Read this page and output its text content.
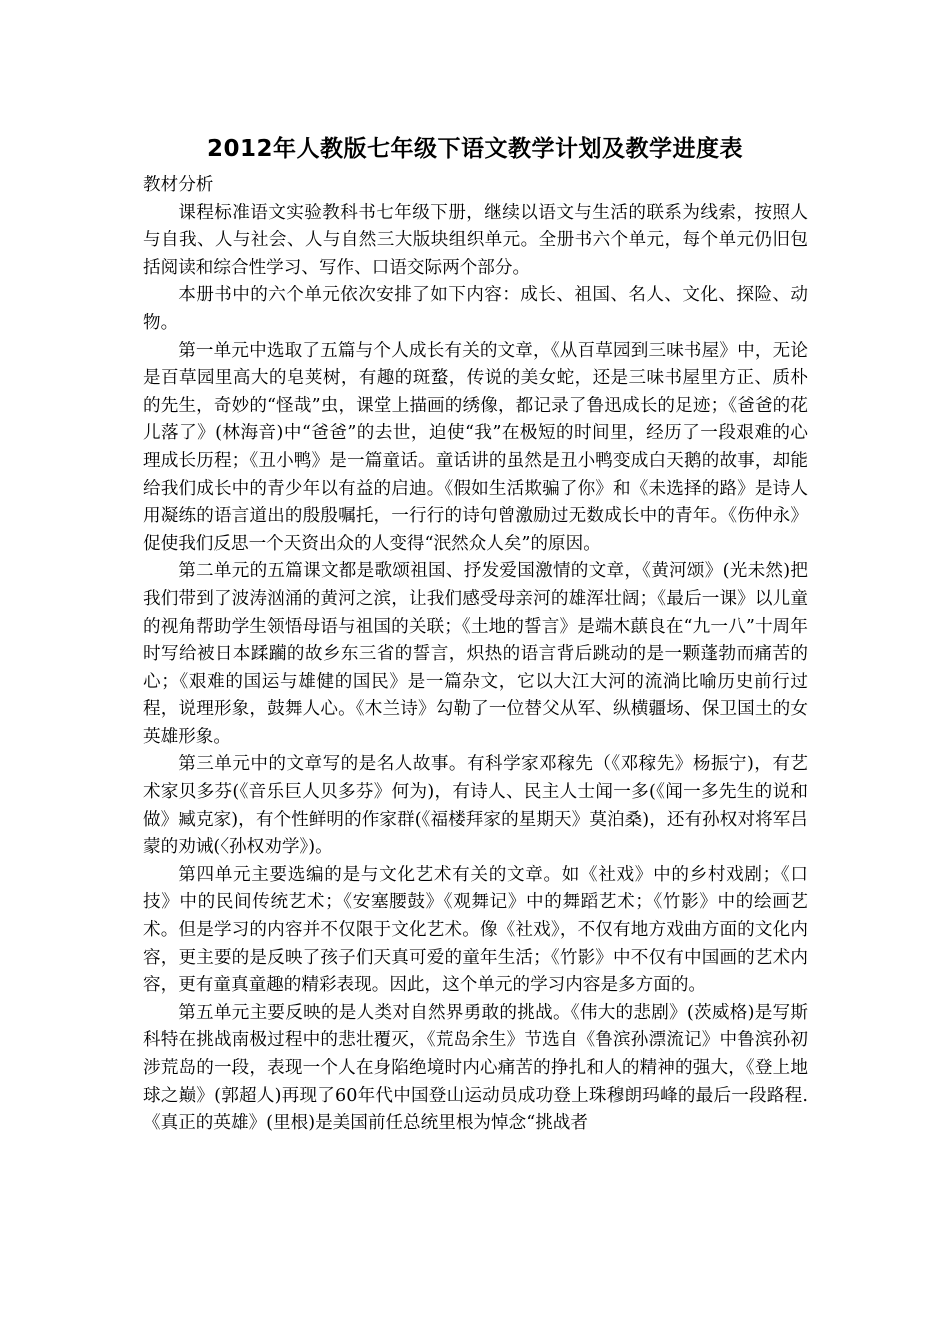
2012年人教版七年级下语文教学计划及教学进度表

教材分析

课程标准语文实验教科书七年级下册，继续以语文与生活的联系为线索，按照人与自我、人与社会、人与自然三大版块组织单元。全册书六个单元，每个单元仍旧包括阅读和综合性学习、写作、口语交际两个部分。

本册书中的六个单元依次安排了如下内容：成长、祖国、名人、文化、探险、动物。

第一单元中选取了五篇与个人成长有关的文章，《从百草园到三味书屋》中，无论是百草园里高大的皂荚树，有趣的斑蝥，传说的美女蛇，还是三味书屋里方正、质朴的先生，奇妙的“怪哉”虫，课堂上描画的绣像，都记录了鲁迅成长的足迹；《爸爸的花儿落了》(林海音)中“爸爸”的去世，迫使“我”在极短的时间里，经历了一段艰难的心理成长历程；《丑小鸭》是一篇童话。童话讲的虽然是丑小鸭变成白天鹅的故事，却能给我们成长中的青少年以有益的启迪。《假如生活欺骗了你》和《未选择的路》是诗人用凝练的语言道出的殷殷嘱托，一行行的诗句曾激励过无数成长中的青年。《伤仲永》促使我们反思一个天资出众的人变得“泯然众人矣”的原因。

第二单元的五篇课文都是歌颂祖国、抒发爱国激情的文章，《黄河颂》(光未然)把我们带到了波涛汹涌的黄河之滨，让我们感受母亲河的雄浑壮阔；《最后一课》以儿童的视角帮助学生领悟母语与祖国的关联；《土地的誓言》是端木蕻良在“九一八”十周年时写给被日本蹂躏的故乡东三省的誓言，炽热的语言背后跳动的是一颗蓬勃而痛苦的心；《艰难的国运与雄健的国民》是一篇杂文，它以大江大河的流淌比喻历史前行过程，说理形象，鼓舞人心。《木兰诗》勾勒了一位替父从军、纵横疆场、保卫国土的女英雄形象。

第三单元中的文章写的是名人故事。有科学家邓稼先（《邓稼先》杨振宁)，有艺术家贝多芬(《音乐巨人贝多芬》何为)，有诗人、民主人士闻一多(《闻一多先生的说和做》臧克家)，有个性鲜明的作家群(《福楼拜家的星期天》莫泊桑)，还有孙权对将军吕蒙的劝诫(〈孙权劝学》)。

第四单元主要选编的是与文化艺术有关的文章。如《社戏》中的乡村戏剧；《口技》中的民间传统艺术；《安塞腰鼓》《观舞记》中的舞蹈艺术；《竹影》中的绘画艺术。但是学习的内容并不仅限于文化艺术。像《社戏》，不仅有地方戏曲方面的文化内容，更主要的是反映了孩子们天真可爱的童年生活；《竹影》中不仅有中国画的艺术内容，更有童真童趣的精彩表现。因此，这个单元的学习内容是多方面的。

第五单元主要反映的是人类对自然界勇敢的挑战。《伟大的悲剧》(茨威格)是写斯科特在挑战南极过程中的悲壮覆灭，《荒岛余生》节选自《鲁滨孙漂流记》中鲁滨孙初涉荒岛的一段，表现一个人在身陷绝境时内心痛苦的挣扎和人的精神的强大，《登上地球之巅》(郭超人)再现了60年代中国登山运动员成功登上珠穆朗玛峰的最后一段路程. 《真正的英雄》(里根)是美国前任总统里根为悼念“挑战者
